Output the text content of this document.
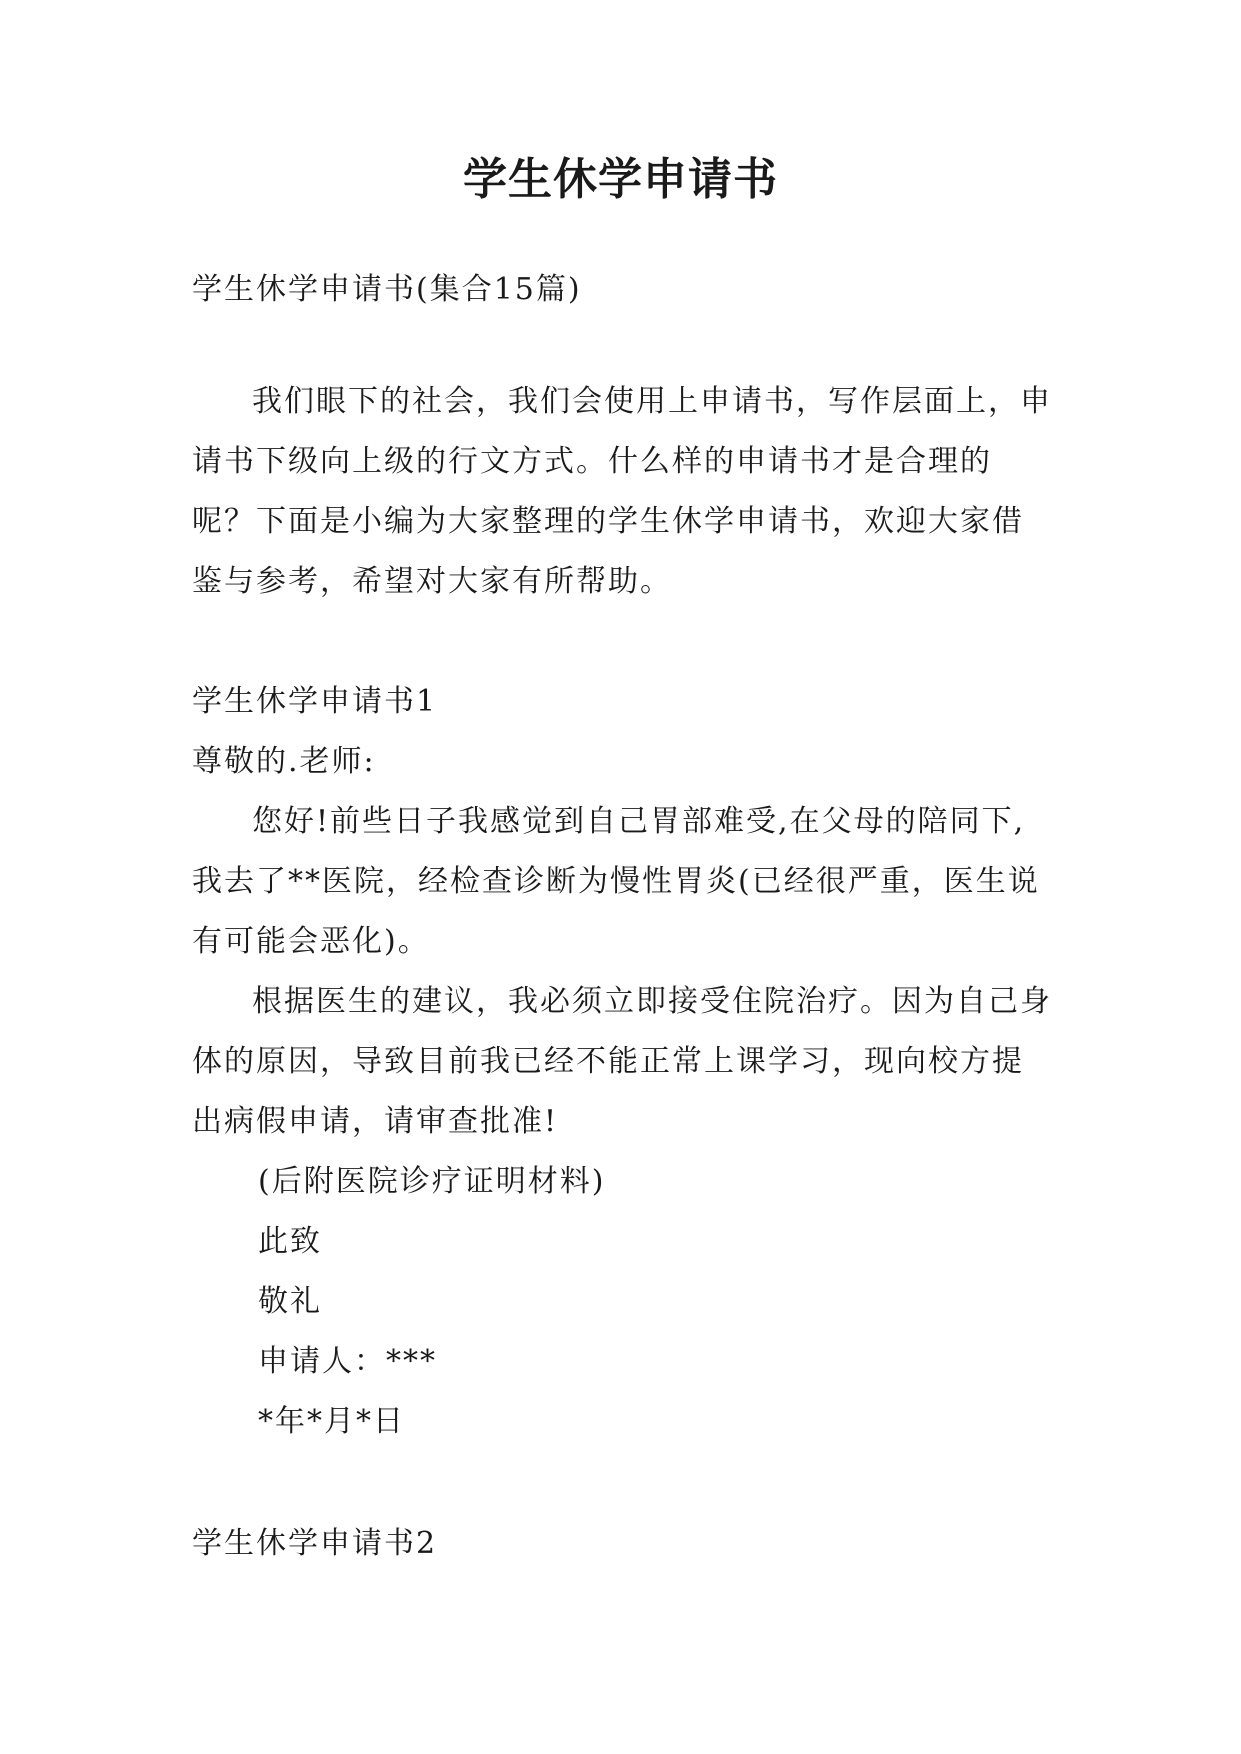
学生休学申请书

学生休学申请书(集合15篇)

我们眼下的社会，我们会使用上申请书，写作层面上，申请书下级向上级的行文方式。什么样的申请书才是合理的呢？下面是小编为大家整理的学生休学申请书，欢迎大家借鉴与参考，希望对大家有所帮助。

学生休学申请书1

尊敬的.老师:

您好!前些日子我感觉到自己胃部难受,在父母的陪同下,我去了**医院，经检查诊断为慢性胃炎(已经很严重，医生说有可能会恶化)。

根据医生的建议，我必须立即接受住院治疗。因为自己身体的原因，导致目前我已经不能正常上课学习，现向校方提出病假申请，请审查批准!

(后附医院诊疗证明材料)

此致

敬礼

申请人：***

*年*月*日

学生休学申请书2
